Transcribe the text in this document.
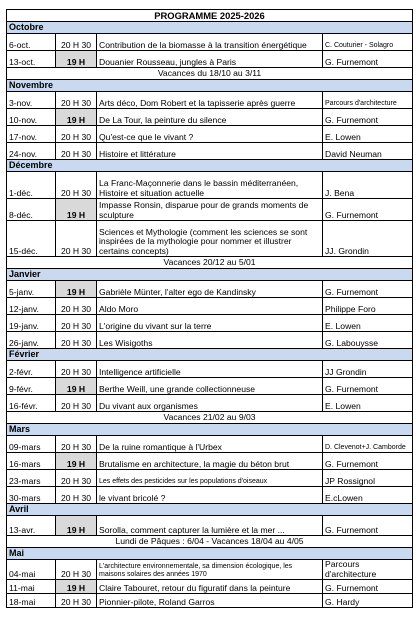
PROGRAMME 2025-2026			
Octobre			
6-oct.	20 H 30	Contribution de la biomasse à la transition énergétique	C. Couturier - Solagro
13-oct.	19 H	Douanier Rousseau, jungles à Paris	G. Furnemont
Vacances du 18/10 au 3/11			
Novembre			
3-nov.	20 H 30	Arts déco, Dom Robert et la tapisserie après guerre	Parcours d'architecture
10-nov.	19 H	De La Tour, la peinture du silence	G. Furnemont
17-nov.	20 H 30	Qu'est-ce que le vivant ?	E. Lowen
24-nov.	20 H 30	Histoire et littérature	David Neuman
Décembre			
1-déc.	20 H 30	La Franc-Maçonnerie dans le bassin méditerranéen, Histoire et situation actuelle	J. Bena
8-déc.	19 H	Impasse Ronsin, disparue pour de grands moments de sculpture	G. Furnemont
15-déc.	20 H 30	Sciences et Mythologie (comment les sciences se sont inspirées de la mythologie pour nommer et illustrer certains concepts)	JJ. Grondin
Vacances 20/12 au 5/01			
Janvier			
5-janv.	19 H	Gabrièle Münter, l'alter ego de Kandinsky	G. Furnemont
12-janv.	20 H 30	Aldo Moro	Philippe Foro
19-janv.	20 H 30	L'origine du vivant sur la terre	E. Lowen
26-janv.	20 H 30	Les Wisigoths	G. Labouysse
Février			
2-févr.	20 H 30	Intelligence artificielle	JJ Grondin
9-févr.	19 H	Berthe Weill, une grande collectionneuse	G. Furnemont
16-févr.	20 H 30	Du vivant aux organismes	E. Lowen
Vacances 21/02 au 9/03			
Mars			
09-mars	20 H 30	De la ruine romantique à l'Urbex	D. Clevenot+J. Camborde
16-mars	19 H	Brutalisme en architecture, la magie du béton brut	G. Furnemont
23-mars	20 H 30	Les effets des pesticides sur les populations d'oiseaux	JP Rossignol
30-mars	20 H 30	le vivant bricolé ?	E.cLowen
Avril			
13-avr.	19 H	Sorolla, comment capturer la lumière et la mer ...	G. Furnemont
Lundi de Pâques : 6/04 - Vacances 18/04 au 4/05			
Mai			
04-mai	20 H 30	L'architecture environnementale, sa dimension écologique, les maisons solaires des années 1970	Parcours d'architecture
11-mai	19 H	Claire Tabouret, retour du figuratif dans la peinture	G. Furnemont
18-mai	20 H 30	Pionnier-pilote, Roland Garros	G. Hardy
